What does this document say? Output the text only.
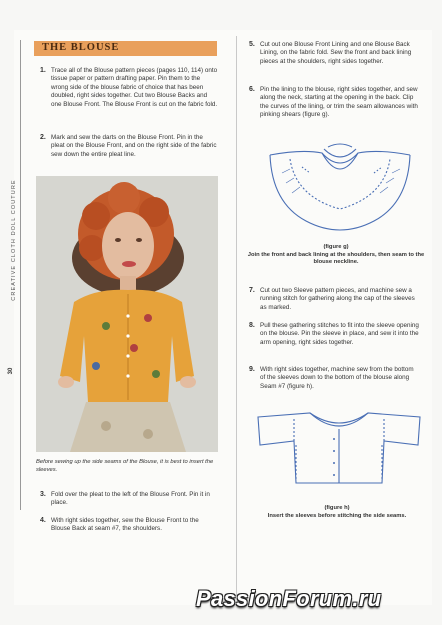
CREATIVE CLOTH DOLL COUTURE
30
THE BLOUSE
1. Trace all of the Blouse pattern pieces (pages 110, 114) onto tissue paper or pattern drafting paper. Pin them to the wrong side of the blouse fabric of choice that has been doubled, right sides together. Cut two Blouse Backs and one Blouse Front. The Blouse Front is cut on the fabric fold.
2. Mark and sew the darts on the Blouse Front. Pin in the pleat on the Blouse Front, and on the right side of the fabric sew down the entire pleat line.
Before sewing up the side seams of the Blouse, it is best to insert the sleeves.
3. Fold over the pleat to the left of the Blouse Front. Pin it in place.
4. With right sides together, sew the Blouse Front to the Blouse Back at seam #7, the shoulders.
5. Cut out one Blouse Front Lining and one Blouse Back Lining, on the fabric fold. Sew the front and back lining pieces at the shoulders, right sides together.
6. Pin the lining to the blouse, right sides together, and sew along the neck, starting at the opening in the back. Clip the curves of the lining, or trim the seam allowances with pinking shears (figure g).
(figure g)
Join the front and back lining at the shoulders, then seam to the blouse neckline.
7. Cut out two Sleeve pattern pieces, and machine sew a running stitch for gathering along the cap of the sleeves as marked.
8. Pull these gathering stitches to fit into the sleeve opening on the blouse. Pin the sleeve in place, and sew it into the arm opening, right sides together.
9. With right sides together, machine sew from the bottom of the sleeves down to the bottom of the blouse along Seam #7 (figure h).
(figure h)
Insert the sleeves before stitching the side seams.
PassionForum.ru
